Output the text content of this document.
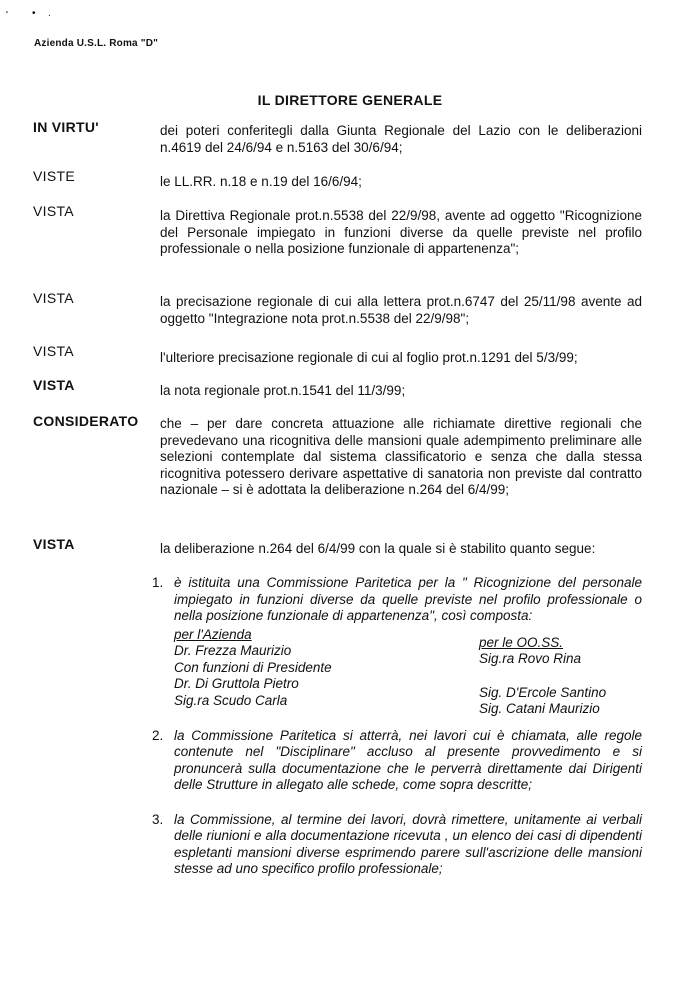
' • ∙
Azienda U.S.L. Roma "D"
IL DIRETTORE GENERALE
IN VIRTU'	dei poteri conferitegli dalla Giunta Regionale del Lazio con le deliberazioni n.4619 del 24/6/94 e n.5163 del 30/6/94;
VISTE	le LL.RR. n.18 e n.19 del 16/6/94;
VISTA	la Direttiva Regionale prot.n.5538 del 22/9/98, avente ad oggetto "Ricognizione del Personale impiegato in funzioni diverse da quelle previste nel profilo professionale o nella posizione funzionale di appartenenza";
VISTA	la precisazione regionale di cui alla lettera prot.n.6747 del 25/11/98 avente ad oggetto "Integrazione nota prot.n.5538 del 22/9/98";
VISTA	l'ulteriore precisazione regionale di cui al foglio prot.n.1291 del 5/3/99;
VISTA	la nota regionale prot.n.1541 del 11/3/99;
CONSIDERATO che – per dare concreta attuazione alle richiamate direttive regionali che prevedevano una ricognitiva delle mansioni quale adempimento preliminare alle selezioni contemplate dal sistema classificatorio e senza che dalla stessa ricognitiva potessero derivare aspettative di sanatoria non previste dal contratto nazionale – si è adottata la deliberazione n.264 del 6/4/99;
VISTA	la deliberazione n.264 del 6/4/99 con la quale si è stabilito quanto segue:
1. è istituita una Commissione Paritetica per la " Ricognizione del personale impiegato in funzioni diverse da quelle previste nel profilo professionale o nella posizione funzionale di appartenenza", così composta:
per l'Azienda
Dr. Frezza Maurizio
Con funzioni di Presidente
Dr. Di Gruttola Pietro
Sig.ra Scudo Carla
per le OO.SS.
Sig.ra Rovo Rina
Sig. D'Ercole Santino
Sig. Catani Maurizio
2. la Commissione Paritetica si atterrà, nei lavori cui è chiamata, alle regole contenute nel "Disciplinare" accluso al presente provvedimento e si pronuncerà sulla documentazione che le perverrà direttamente dai Dirigenti delle Strutture in allegato alle schede, come sopra descritte;
3. la Commissione, al termine dei lavori, dovrà rimettere, unitamente ai verbali delle riunioni e alla documentazione ricevuta , un elenco dei casi di dipendenti espletanti mansioni diverse esprimendo parere sull'ascrizione delle mansioni stesse ad uno specifico profilo professionale;
